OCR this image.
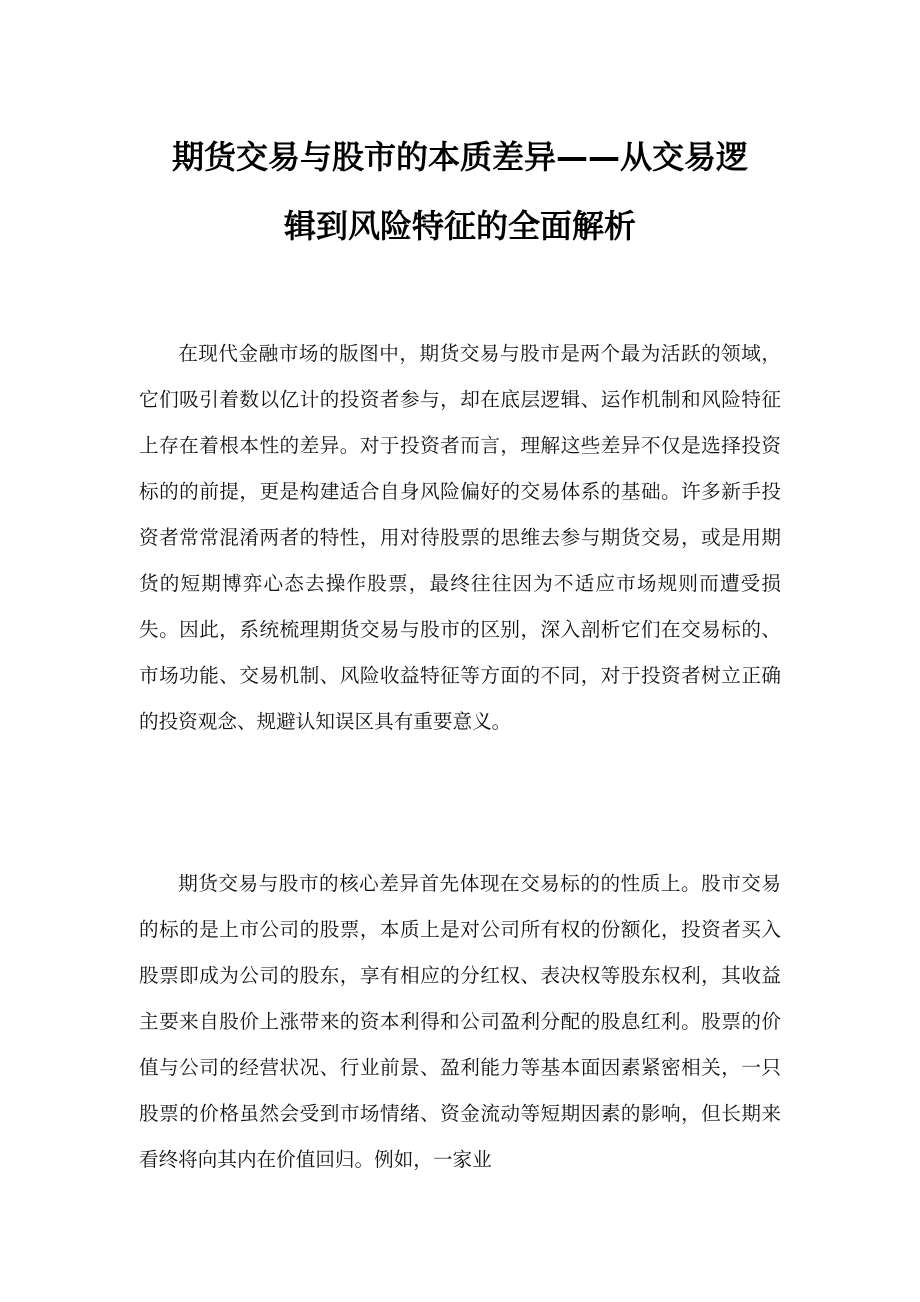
期货交易与股市的本质差异——从交易逻
辑到风险特征的全面解析

在现代金融市场的版图中，期货交易与股市是两个最为活跃的领域，它们吸引着数以亿计的投资者参与，却在底层逻辑、运作机制和风险特征上存在着根本性的差异。对于投资者而言，理解这些差异不仅是选择投资标的的前提，更是构建适合自身风险偏好的交易体系的基础。许多新手投资者常常混淆两者的特性，用对待股票的思维去参与期货交易，或是用期货的短期博弈心态去操作股票，最终往往因为不适应市场规则而遭受损失。因此，系统梳理期货交易与股市的区别，深入剖析它们在交易标的、市场功能、交易机制、风险收益特征等方面的不同，对于投资者树立正确的投资观念、规避认知误区具有重要意义。

期货交易与股市的核心差异首先体现在交易标的的性质上。股市交易的标的是上市公司的股票，本质上是对公司所有权的份额化，投资者买入股票即成为公司的股东，享有相应的分红权、表决权等股东权利，其收益主要来自股价上涨带来的资本利得和公司盈利分配的股息红利。股票的价值与公司的经营状况、行业前景、盈利能力等基本面因素紧密相关，一只股票的价格虽然会受到市场情绪、资金流动等短期因素的影响，但长期来看终将向其内在价值回归。例如，一家业
